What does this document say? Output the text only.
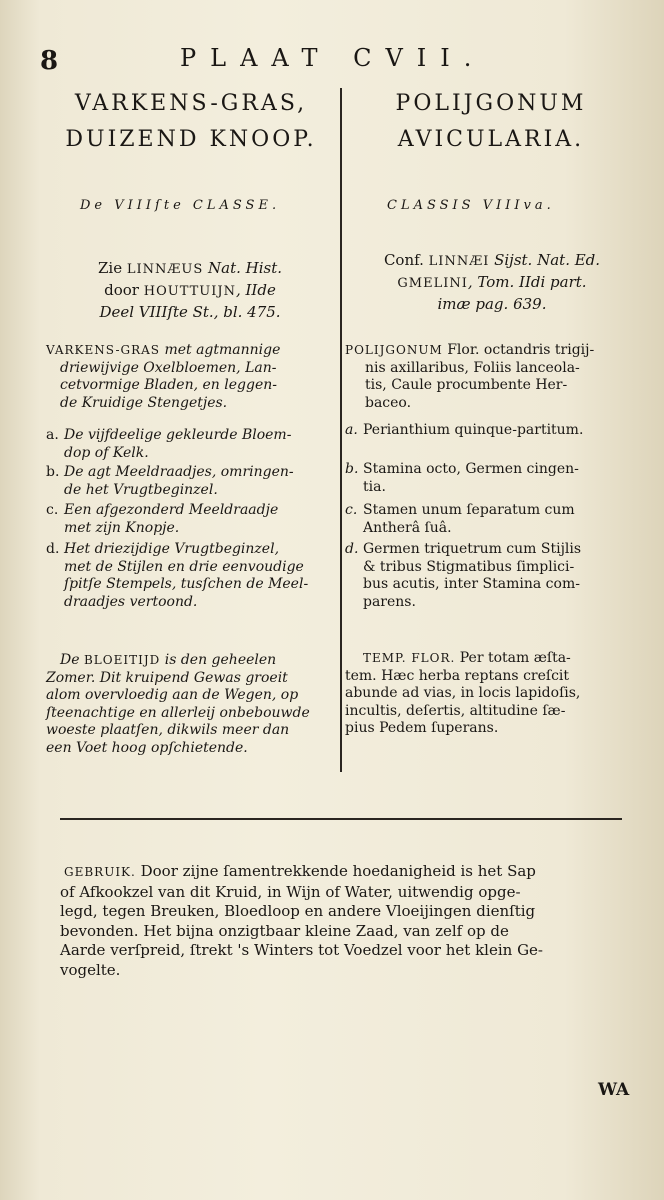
8	PLAAT CVII.
VARKENS-GRAS,
DUIZEND KNOOP.
De VIIIſte CLASSE.
Zie LINNÆUS Nat. Hist.
door HOUTTUIJN, IIde
Deel VIIIſte St., bl. 475.
VARKENS-GRAS met agtmannige
driewijvige Oxelbloemen, Lan-
cetvormige Bladen, en leggen-
de Kruidige Stengetjes.
a. De vijfdeelige gekleurde Bloem-
dop of Kelk.
b. De agt Meeldraadjes, omringen-
de het Vrugtbeginzel.
c. Een afgezonderd Meeldraadje
met zijn Knopje.
d. Het driezijdige Vrugtbeginzel,
met de Stijlen en drie eenvoudige
ſpitſe Stempels, tusſchen de Meel-
draadjes vertoond.
De BLOEITIJD is den geheelen
Zomer. Dit kruipend Gewas groeit
alom overvloedig aan de Wegen, op
ſteenachtige en allerleij onbebouwde
woeste plaatſen, dikwils meer dan
een Voet hoog opſchietende.
POLIJGONUM
AVICULARIA.
CLASSIS VIIIva.
Conf. LINNÆI Sijst. Nat. Ed.
GMELINI, Tom. IIdi part.
imæ pag. 639.
POLIJGONUM Flor. octandris trigij-
nis axillaribus, Foliis lanceola-
tis, Caule procumbente Her-
baceo.
a. Perianthium quinque-partitum.
b. Stamina octo, Germen cingen-
tia.
c. Stamen unum ſeparatum cum
Antherâ ſuâ.
d. Germen triquetrum cum Stijlis
& tribus Stigmatibus ſimplici-
bus acutis, inter Stamina com-
parens.
TEMP. FLOR. Per totam æſta-
tem. Hæc herba reptans creſcit
abunde ad vias, in locis lapidoſis,
incultis, deſertis, altitudine ſæ-
pius Pedem ſuperans.
GEBRUIK. Door zijne ſamentrekkende hoedanigheid is het Sap
of Afkookzel van dit Kruid, in Wijn of Water, uitwendig opge-
legd, tegen Breuken, Bloedloop en andere Vloeijingen dienſtig
bevonden. Het bijna onzigtbaar kleine Zaad, van zelf op de
Aarde verſpreid, ſtrekt 's Winters tot Voedzel voor het klein Ge-
vogelte.
WA
